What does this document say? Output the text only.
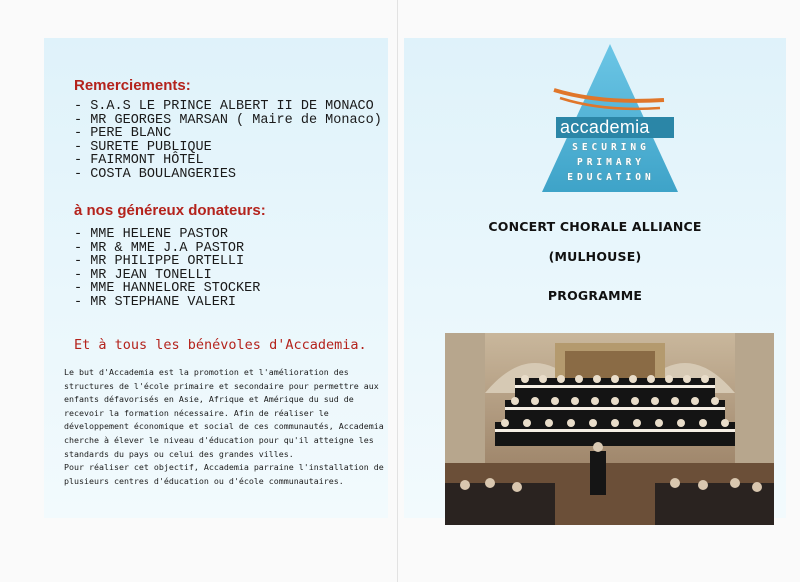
Remerciements:
- S.A.S LE PRINCE ALBERT II DE MONACO
- MR GEORGES MARSAN ( Maire de Monaco)
- PERE BLANC
- SURETE PUBLIQUE
- FAIRMONT HÔTEL
- COSTA BOULANGERIES
à nos généreux donateurs:
- MME HELENE PASTOR
- MR & MME J.A PASTOR
- MR PHILIPPE ORTELLI
- MR JEAN TONELLI
- MME HANNELORE STOCKER
- MR STEPHANE VALERI
Et à tous les bénévoles d'Accademia.

Le but d'Accademia est la promotion et l'amélioration des structures de l'école primaire et secondaire pour permettre aux enfants défavorisés en Asie, Afrique et Amérique du sud de recevoir la formation nécessaire. Afin de réaliser le développement économique et social de ces communautés, Accademia cherche à élever le niveau d'éducation pour qu'il atteigne les standards du pays ou celui des grandes villes.

Pour réaliser cet objectif, Accademia parraine l'installation de plusieurs centres d'éducation ou d'école communautaires.

accademia
SECURING
PRIMARY
EDUCATION
CONCERT CHORALE ALLIANCE
(MULHOUSE)
PROGRAMME
